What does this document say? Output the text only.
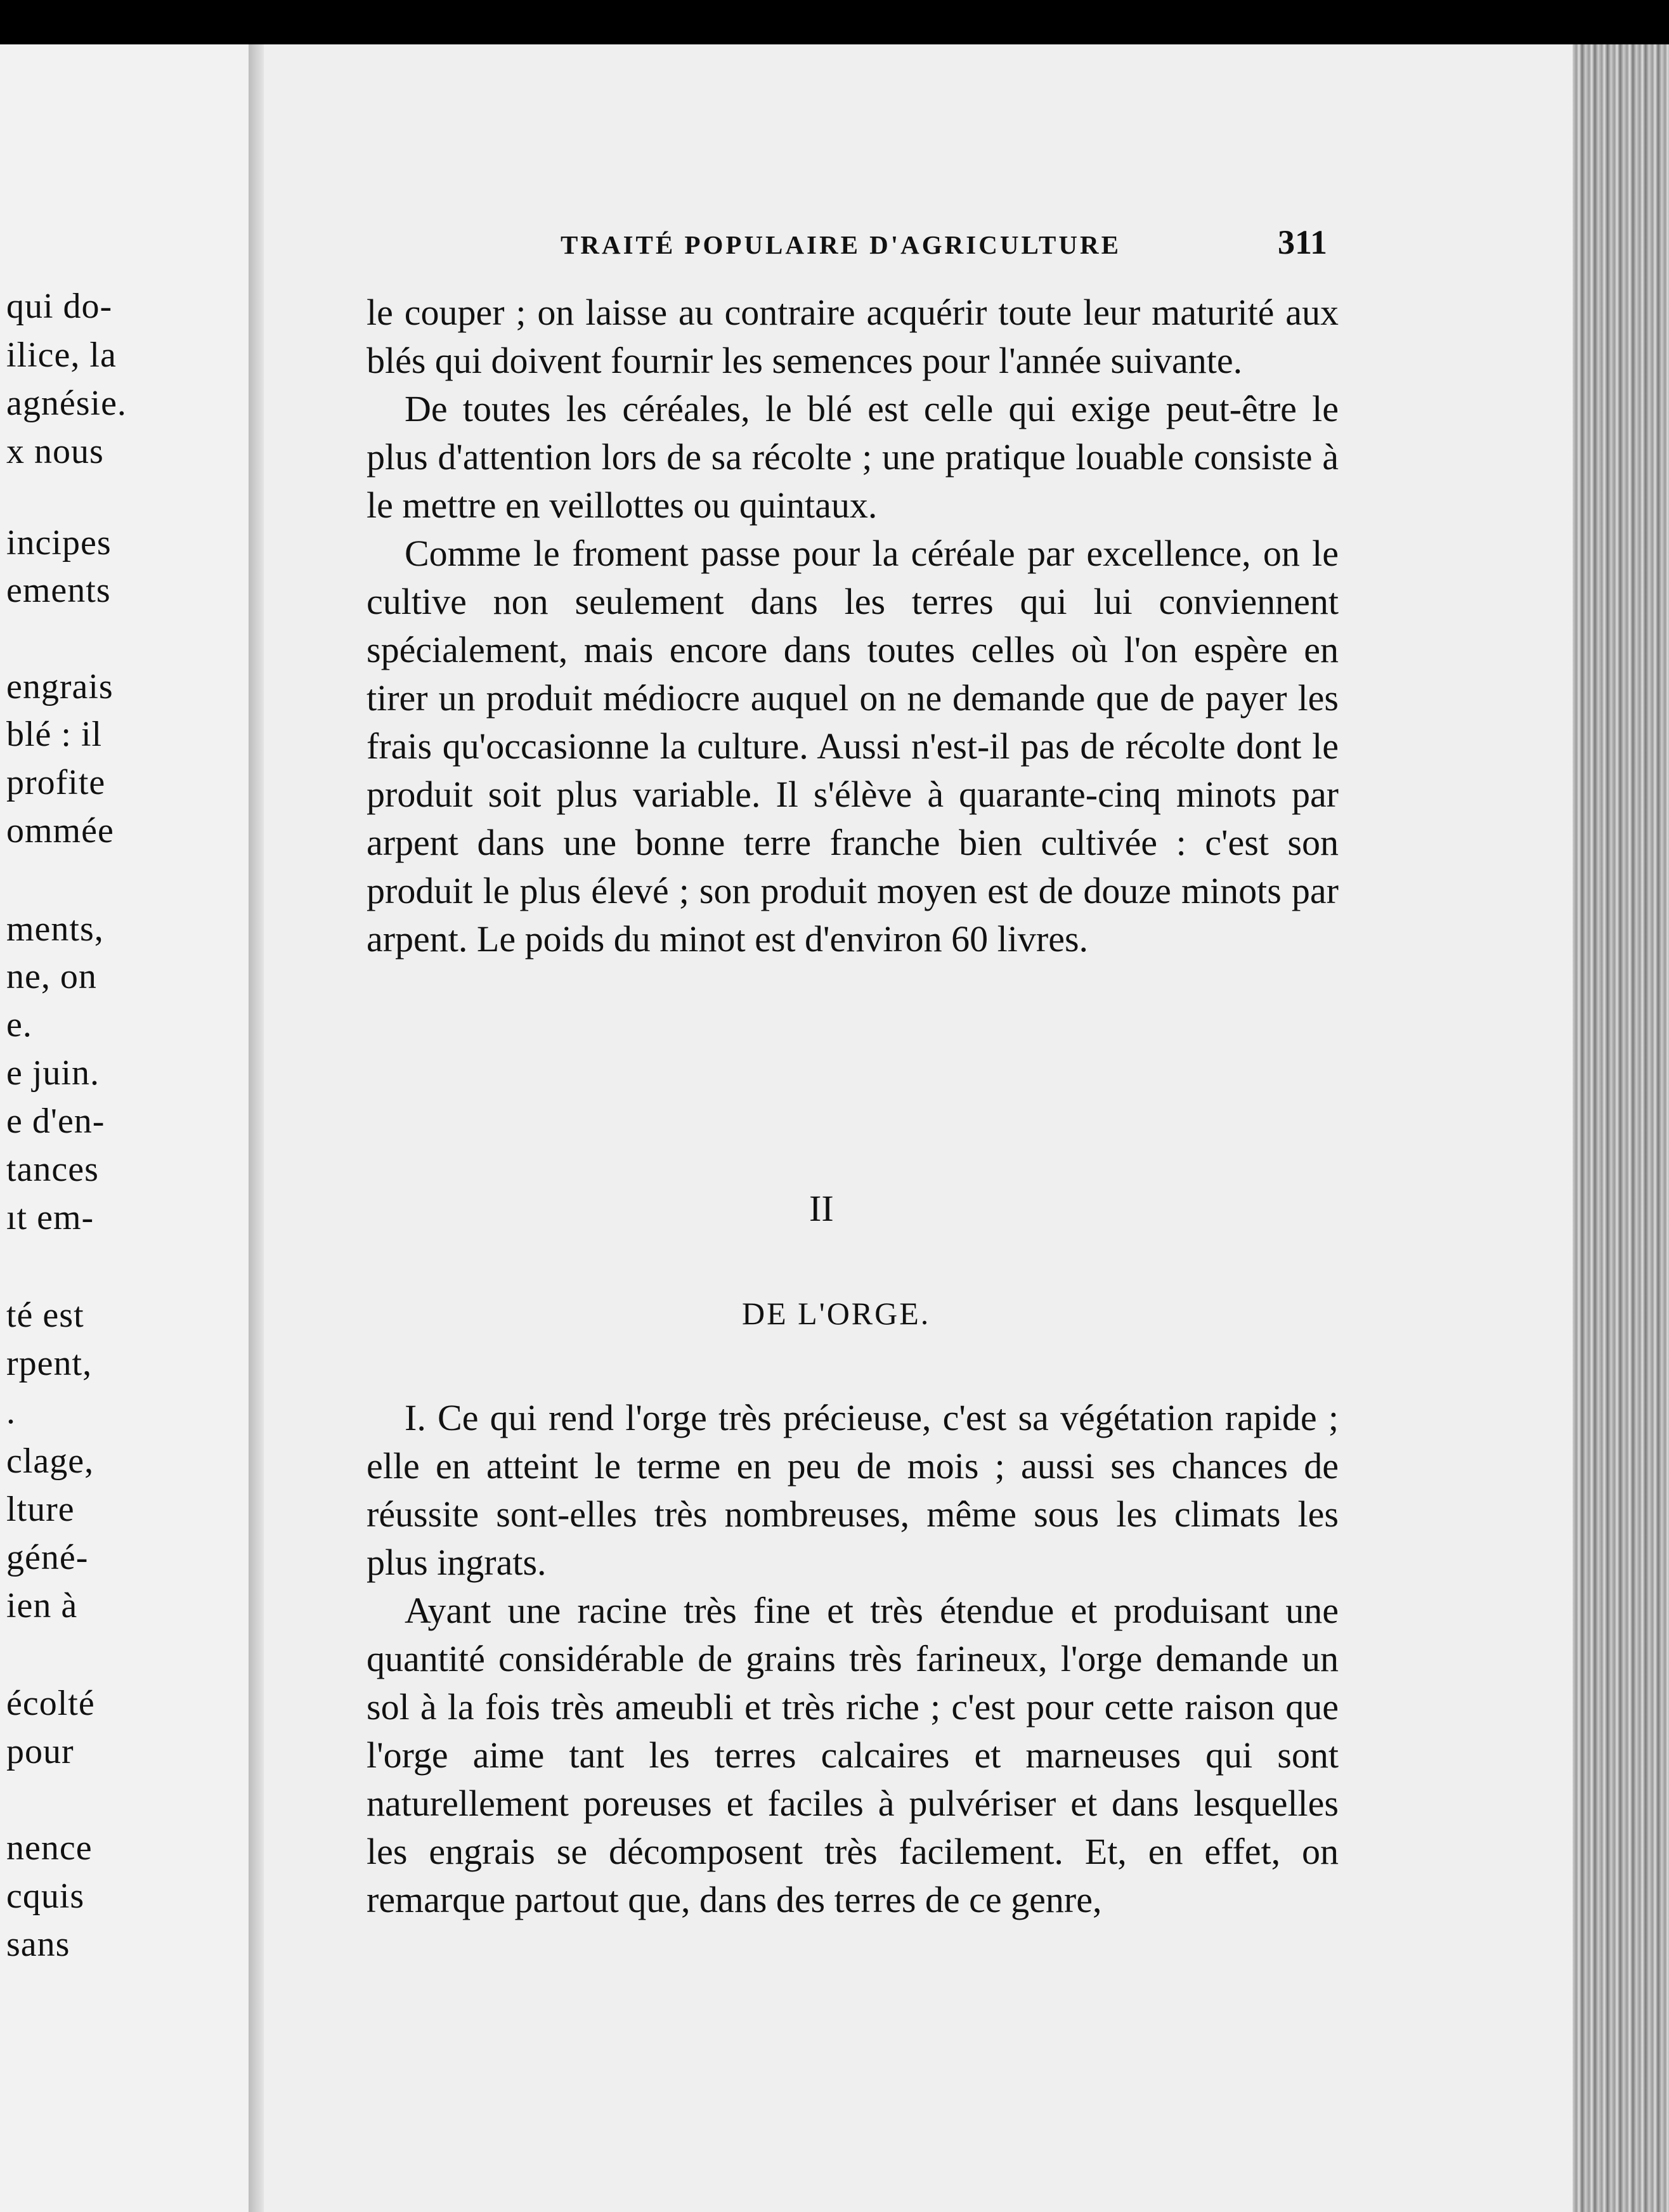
qui do-
ilice, la
agnésie.
x nous
incipes
ements
engrais
blé : il
profite
ommée
ments,
ne, on
e.
e juin.
e d'en-
tances
ıt em-
té est
rpent,
.
clage,
lture
géné-
ien à
écolté
pour
nence
cquis
sans
TRAITÉ POPULAIRE D'AGRICULTURE	311

le couper ; on laisse au contraire acquérir toute leur maturité aux blés qui doivent fournir les semences pour l'année suivante.

De toutes les céréales, le blé est celle qui exige peut-être le plus d'attention lors de sa récolte ; une pratique louable consiste à le mettre en veillottes ou quintaux.

Comme le froment passe pour la céréale par excellence, on le cultive non seulement dans les terres qui lui conviennent spécialement, mais encore dans toutes celles où l'on espère en tirer un produit médiocre auquel on ne demande que de payer les frais qu'occasionne la culture. Aussi n'est-il pas de récolte dont le produit soit plus variable. Il s'élève à quarante-cinq minots par arpent dans une bonne terre franche bien cultivée : c'est son produit le plus élevé ; son produit moyen est de douze minots par arpent. Le poids du minot est d'environ 60 livres.

II
DE L'ORGE.

I. Ce qui rend l'orge très précieuse, c'est sa végétation rapide ; elle en atteint le terme en peu de mois ; aussi ses chances de réussite sont-elles très nombreuses, même sous les climats les plus ingrats.

Ayant une racine très fine et très étendue et produisant une quantité considérable de grains très farineux, l'orge demande un sol à la fois très ameubli et très riche ; c'est pour cette raison que l'orge aime tant les terres calcaires et marneuses qui sont naturellement poreuses et faciles à pulvériser et dans lesquelles les engrais se décomposent très facilement. Et, en effet, on remarque partout que, dans des terres de ce genre,
